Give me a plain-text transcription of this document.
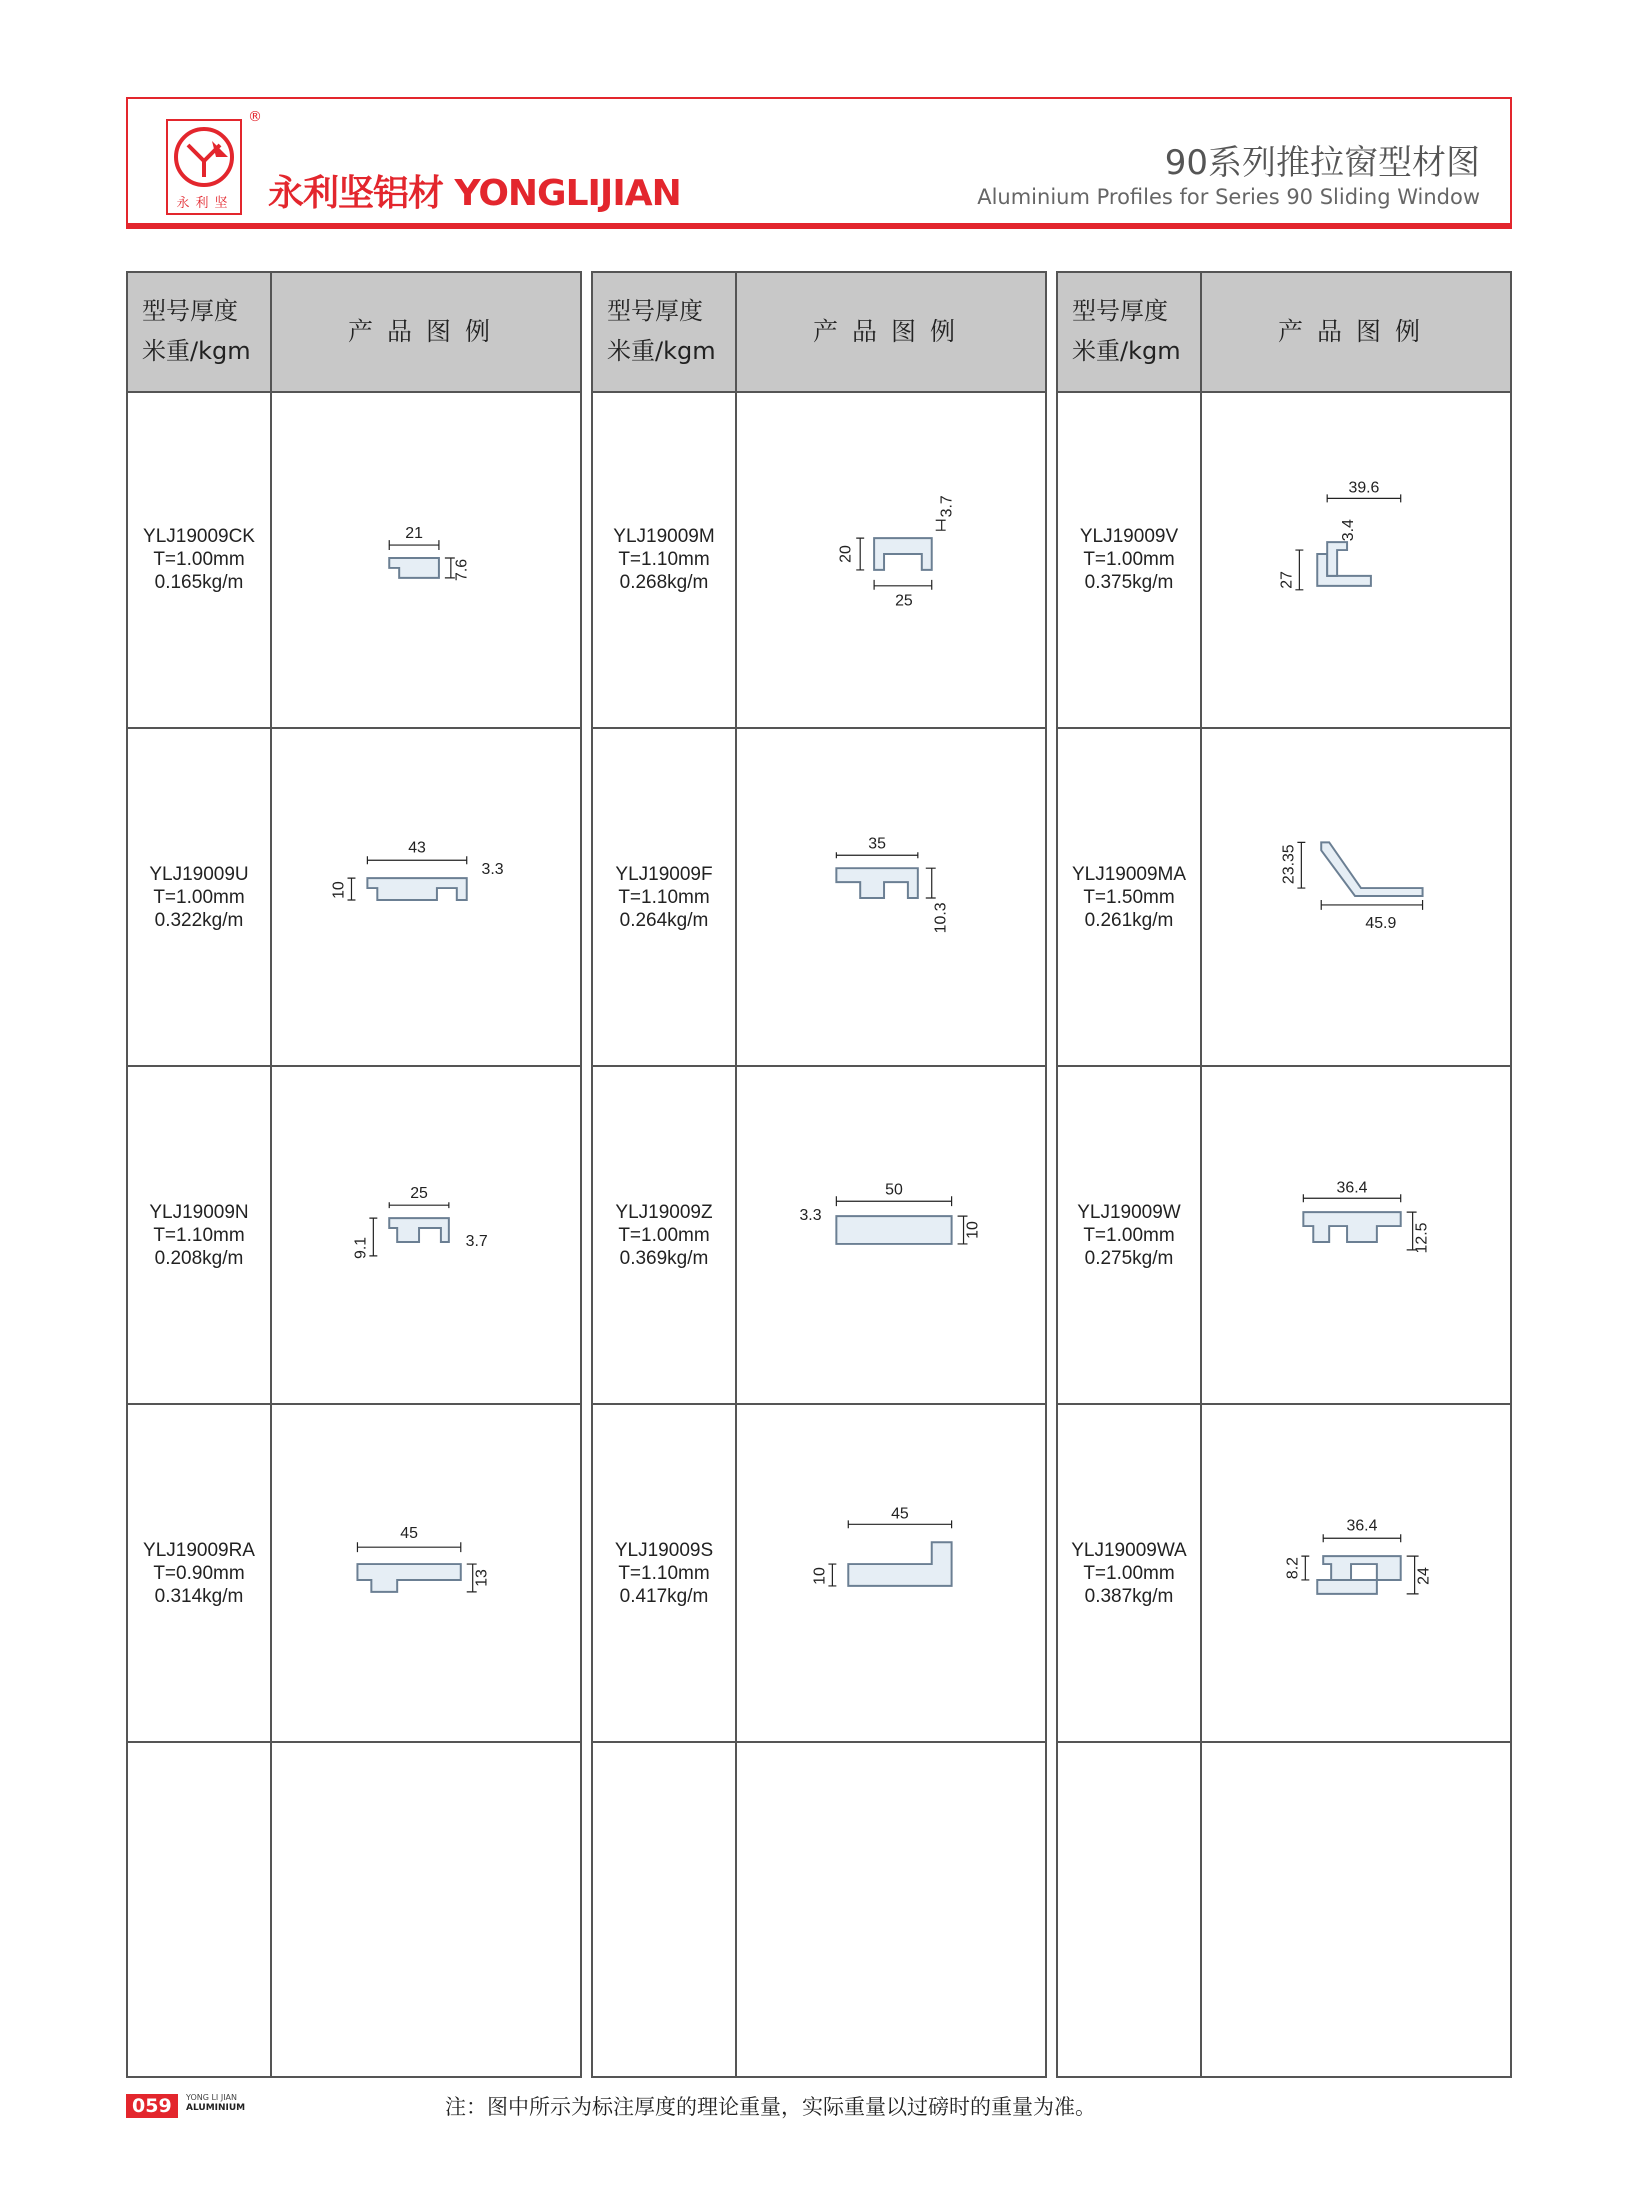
永利坚
®
永利坚铝材 YONGLIJIAN
90系列推拉窗型材图
Aluminium Profiles for Series 90 Sliding Window
型号厚度
米重/kgm
产品图例
YLJ19009CK
T=1.00mm
0.165kg/m
21
7.6
YLJ19009U
T=1.00mm
0.322kg/m
43
3.3
10
YLJ19009N
T=1.10mm
0.208kg/m
25
3.7
9.1
YLJ19009RA
T=0.90mm
0.314kg/m
45
13
型号厚度
米重/kgm
产品图例
YLJ19009M
T=1.10mm
0.268kg/m
3.7
20
25
YLJ19009F
T=1.10mm
0.264kg/m
35
10.3
YLJ19009Z
T=1.00mm
0.369kg/m
50
3.3
10
YLJ19009S
T=1.10mm
0.417kg/m
45
10
型号厚度
米重/kgm
产品图例
YLJ19009V
T=1.00mm
0.375kg/m
39.6
3.4
27
YLJ19009MA
T=1.50mm
0.261kg/m
23.35
45.9
YLJ19009W
T=1.00mm
0.275kg/m
36.4
12.5
YLJ19009WA
T=1.00mm
0.387kg/m
36.4
8.2	24
059	YONG LI JIAN
ALUMINIUM	注：图中所示为标注厚度的理论重量，实际重量以过磅时的重量为准。
